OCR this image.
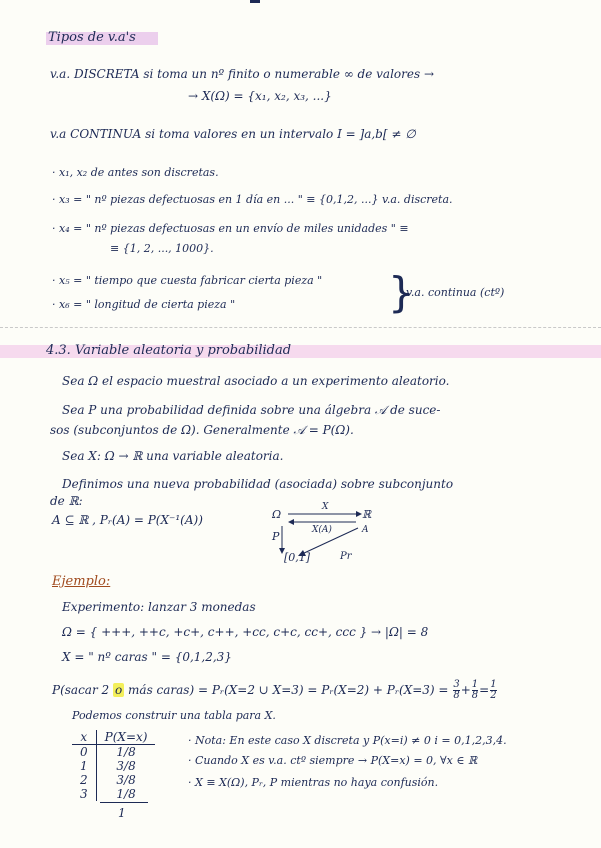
Tipos de v.a's
v.a. DISCRETA si toma un nº finito o numerable ∞ de valores →
→ X(Ω) = {x₁, x₂, x₃, ...}
v.a CONTINUA si toma valores en un intervalo I = ]a,b[ ≠ ∅
· x₁, x₂ de antes son discretas.
· x₃ = " nº piezas defectuosas en 1 día en ... " ≡ {0,1,2, ...} v.a. discreta.
· x₄ = " nº piezas defectuosas en un envío de miles unidades " ≡
≡ {1, 2, ..., 1000}.
· x₅ = " tiempo que cuesta fabricar cierta pieza "
· x₆ = " longitud de cierta pieza "	}
v.a. continua (ctº)
4.3. Variable aleatoria y probabilidad
Sea Ω el espacio muestral asociado a un experimento aleatorio.
Sea P una probabilidad definida sobre una álgebra 𝒜 de suce-
sos (subconjuntos de Ω). Generalmente 𝒜 = P(Ω).
Sea X: Ω → ℝ una variable aleatoria.
Definimos una nueva probabilidad (asociada) sobre subconjunto
de ℝ:
A ⊆ ℝ , Pᵣ(A) = P(X⁻¹(A))	Ω	ℝ
X
X(A)	A
P
[0,1]	Pr
Ejemplo:
Experimento: lanzar 3 monedas
Ω = { +++, ++c, +c+, c++, +cc, c+c, cc+, ccc } → |Ω| = 8
X = " nº caras " = {0,1,2,3}
P(sacar 2 o más caras) = Pᵣ(X=2 ∪ X=3) = Pᵣ(X=2) + Pᵣ(X=3) = $\frac{3}{8} + \frac{1}{8} = \frac{1}{2}$
Podemos construir una tabla para X.
x	P(X=x)
0	1/8
1	3/8
2	3/8
3	1/8
1
· Nota: En este caso X discreta y P(x=i) ≠ 0 i = 0,1,2,3,4.
· Cuando X es v.a. ctº siempre → P(X=x) = 0, ∀x ∈ ℝ
· X ≡ X(Ω), Pᵣ, P mientras no haya confusión.
